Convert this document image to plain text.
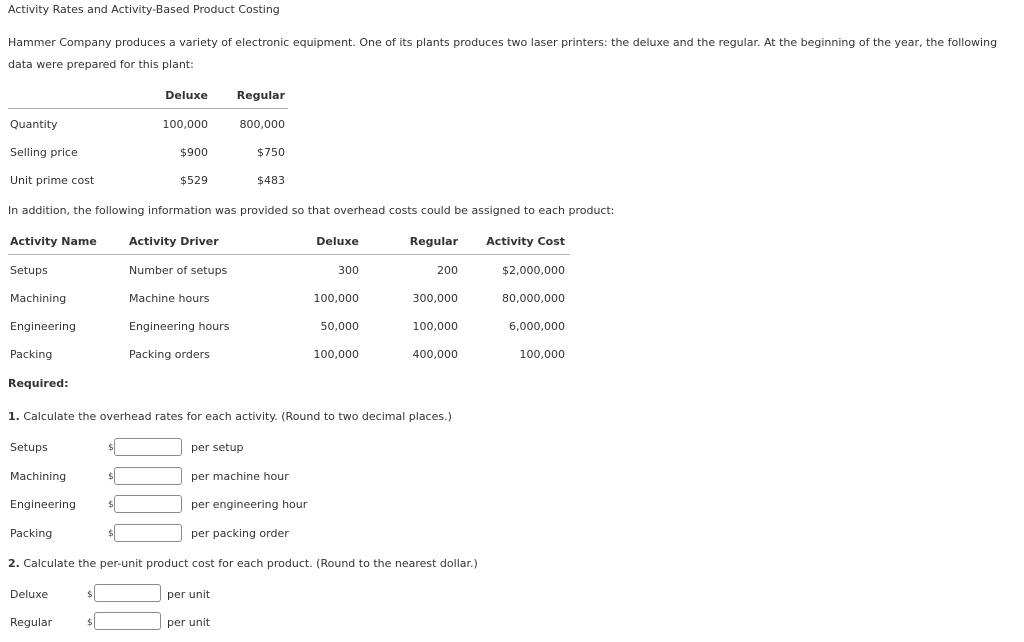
Activity Rates and Activity-Based Product Costing
Hammer Company produces a variety of electronic equipment. One of its plants produces two laser printers: the deluxe and the regular. At the beginning of the year, the following
data were prepared for this plant:
Deluxe	Regular
Quantity	100,000	800,000
Selling price	$900	$750
Unit prime cost	$529	$483
In addition, the following information was provided so that overhead costs could be assigned to each product:
Activity Name	Activity Driver	Deluxe	Regular	Activity Cost
Setups	Number of setups	300	200	$2,000,000
Machining	Machine hours	100,000	300,000	80,000,000
Engineering	Engineering hours	50,000	100,000	6,000,000
Packing	Packing orders	100,000	400,000	100,000
Required:
1. Calculate the overhead rates for each activity. (Round to two decimal places.)
Setups	$	per setup
Machining	$	per machine hour
Engineering	$	per engineering hour
Packing	$	per packing order
2. Calculate the per-unit product cost for each product. (Round to the nearest dollar.)
Deluxe	$	per unit
Regular	$	per unit
